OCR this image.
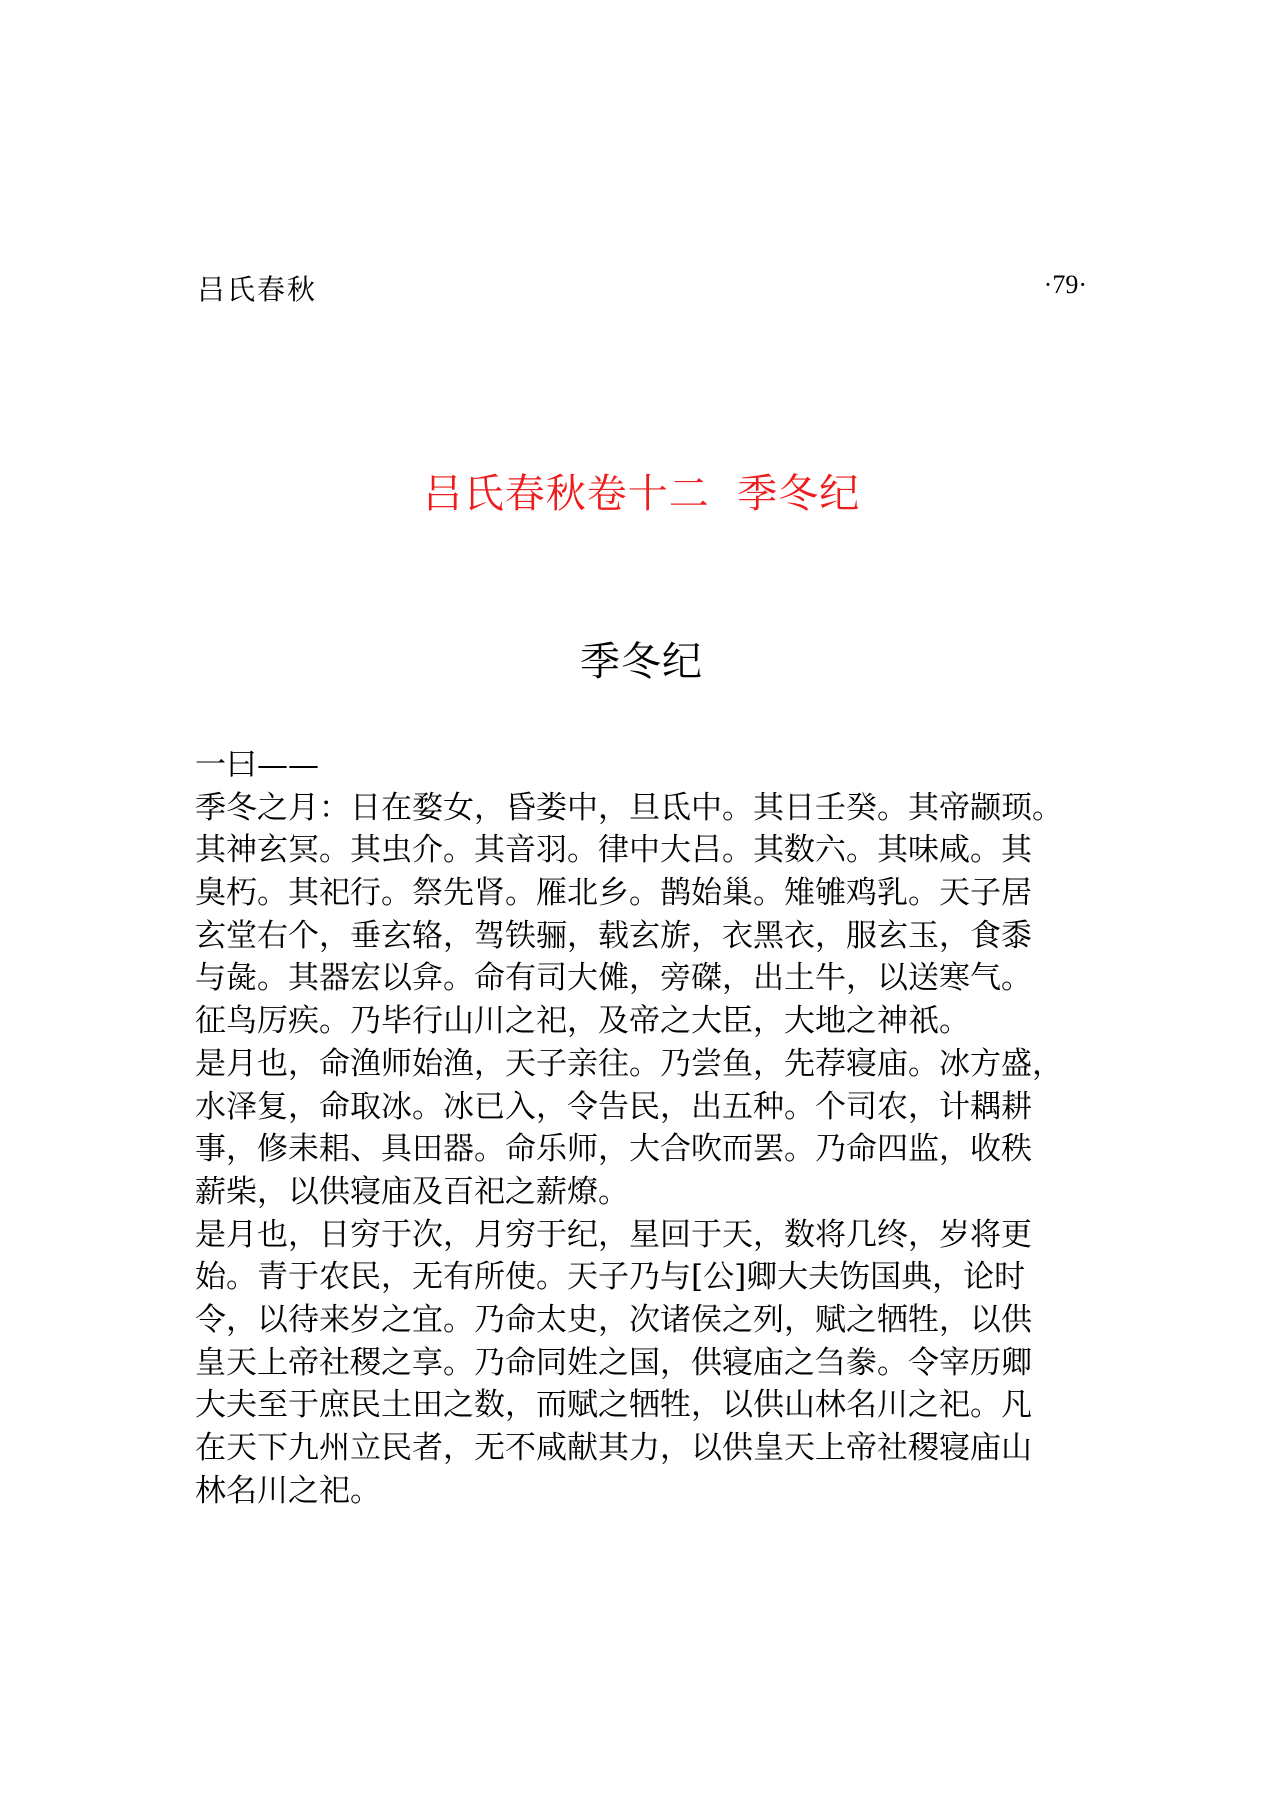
吕氏春秋	·79·
吕氏春秋卷十二  季冬纪
季冬纪
一曰——
季冬之月：日在婺女，昏娄中，旦氐中。其日壬癸。其帝颛顼。
其神玄冥。其虫介。其音羽。律中大吕。其数六。其味咸。其
臭朽。其祀行。祭先肾。雁北乡。鹊始巢。雉雊鸡乳。天子居
玄堂右个，垂玄辂，驾铁骊，载玄旂，衣黑衣，服玄玉，食黍
与彘。其器宏以弇。命有司大傩，旁磔，出土牛，以送寒气。
征鸟厉疾。乃毕行山川之祀，及帝之大臣，大地之神祇。
是月也，命渔师始渔，天子亲往。乃尝鱼，先荐寝庙。冰方盛，
水泽复，命取冰。冰已入，令告民，出五种。个司农，计耦耕
事，修耒耜、具田器。命乐师，大合吹而罢。乃命四监，收秩
薪柴，以供寝庙及百祀之薪燎。
是月也，日穷于次，月穷于纪，星回于天，数将几终，岁将更
始。青于农民，无有所使。天子乃与[公]卿大夫饬国典，论时
令，以待来岁之宜。乃命太史，次诸侯之列，赋之牺牲，以供
皇天上帝社稷之享。乃命同姓之国，供寝庙之刍豢。令宰历卿
大夫至于庶民土田之数，而赋之牺牲，以供山林名川之祀。凡
在天下九州立民者，无不咸献其力，以供皇天上帝社稷寝庙山
林名川之祀。
